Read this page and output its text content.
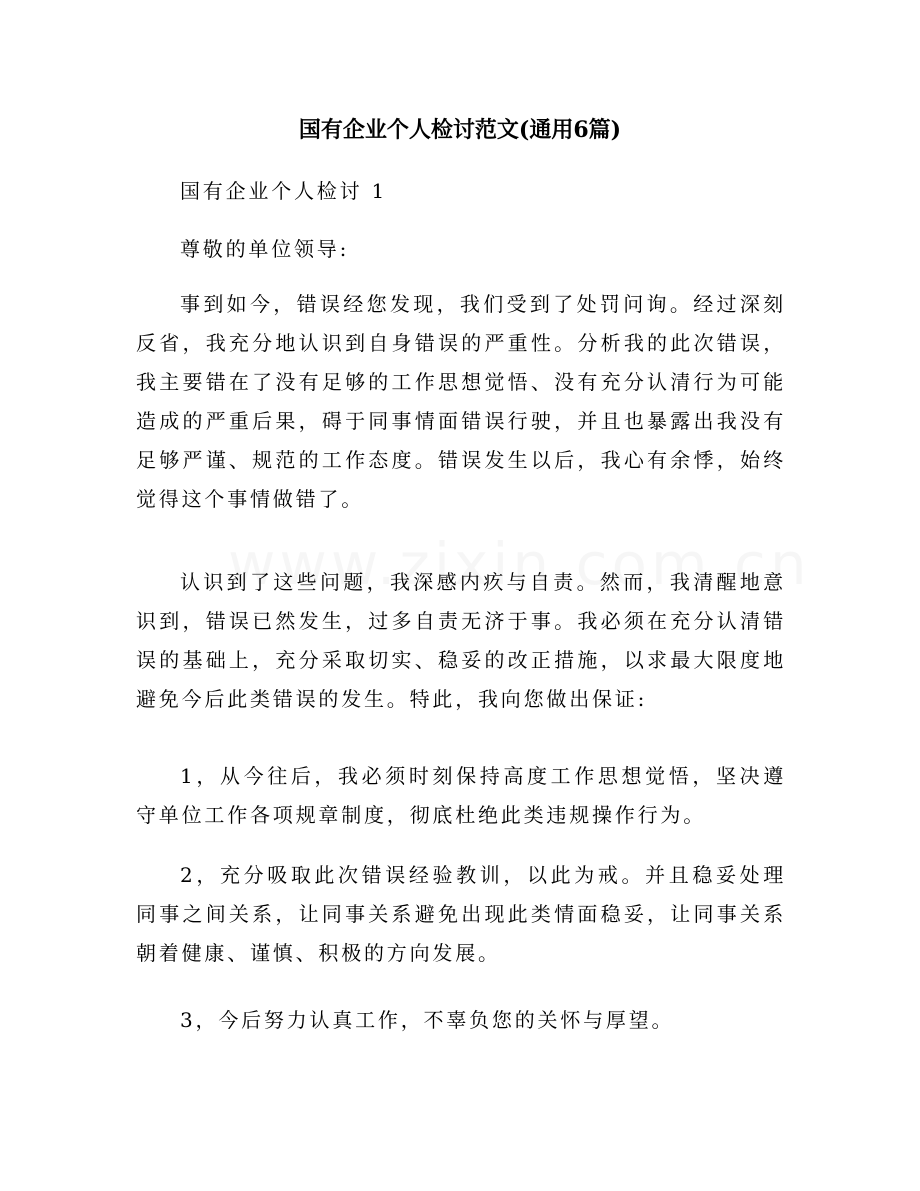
国有企业个人检讨范文(通用6篇)

国有企业个人检讨 1

尊敬的单位领导:

事到如今，错误经您发现，我们受到了处罚问询。经过深刻反省，我充分地认识到自身错误的严重性。分析我的此次错误，我主要错在了没有足够的工作思想觉悟、没有充分认清行为可能造成的严重后果，碍于同事情面错误行驶，并且也暴露出我没有足够严谨、规范的工作态度。错误发生以后，我心有余悸，始终觉得这个事情做错了。

认识到了这些问题，我深感内疚与自责。然而，我清醒地意识到，错误已然发生，过多自责无济于事。我必须在充分认清错误的基础上，充分采取切实、稳妥的改正措施，以求最大限度地避免今后此类错误的发生。特此，我向您做出保证:

1，从今往后，我必须时刻保持高度工作思想觉悟，坚决遵守单位工作各项规章制度，彻底杜绝此类违规操作行为。

2，充分吸取此次错误经验教训，以此为戒。并且稳妥处理同事之间关系，让同事关系避免出现此类情面稳妥，让同事关系朝着健康、谨慎、积极的方向发展。

3，今后努力认真工作，不辜负您的关怀与厚望。
